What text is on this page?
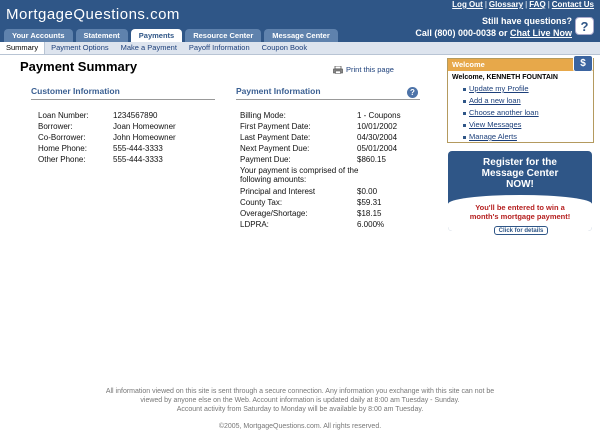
MortgageQuestions.com
Log Out | Glossary | FAQ | Contact Us
Still have questions?
Call (800) 000-0038 or Chat Live Now ?
Your Accounts	Statement	Payments	Resource Center	Message Center
Summary	Payment Options	Make a Payment	Payoff Information	Coupon Book
Payment Summary	Print this page
Customer Information
Loan Number:	1234567890
Borrower:	Joan Homeowner
Co-Borrower:	John Homeowner
Home Phone:	555-444-3333
Other Phone:	555-444-3333
Payment Information	?
Billing Mode:	1 - Coupons
First Payment Date:	10/01/2002
Last Payment Date:	04/30/2004
Next Payment Due:	05/01/2004
Payment Due:	$860.15
Your payment is comprised of the
following amounts:
Principal and Interest	$0.00
County Tax:	$59.31
Overage/Shortage:	$18.15
LDPRA:	6.000%
Welcome
Welcome, KENNETH FOUNTAIN
Update my Profile
Add a new loan
Choose another loan
View Messages
Manage Alerts
$
Register for the
Message Center
NOW!
You'll be entered to win a
month's mortgage payment!
Click for details
All information viewed on this site is sent through a secure connection. Any information you exchange with this site can not be
viewed by anyone else on the Web. Account information is updated daily at 8:00 am Tuesday - Sunday.
Account activity from Saturday to Monday will be available by 8:00 am Tuesday.
©2005, MortgageQuestions.com. All rights reserved.
